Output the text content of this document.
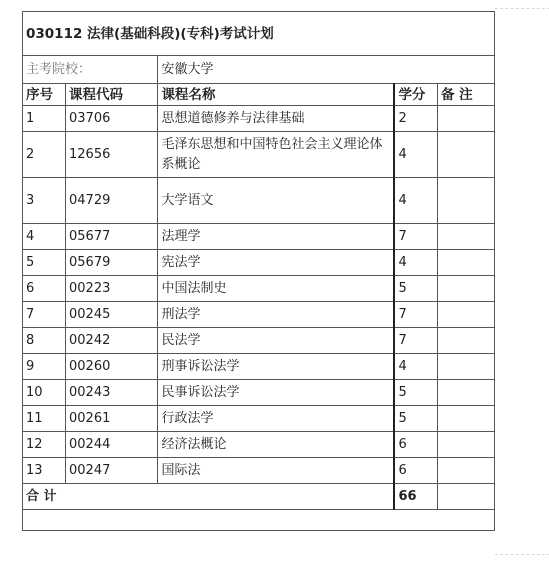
030112 法律(基础科段)(专科)考试计划				
主考院校：		安徽大学		
序号	课程代码	课程名称	学分	备 注
1	03706	思想道德修养与法律基础	2	
2	12656	毛泽东思想和中国特色社会主义理论体系概论	4	
3	04729	大学语文	4	
4	05677	法理学	7	
5	05679	宪法学	4	
6	00223	中国法制史	5	
7	00245	刑法学	7	
8	00242	民法学	7	
9	00260	刑事诉讼法学	4	
10	00243	民事诉讼法学	5	
11	00261	行政法学	5	
12	00244	经济法概论	6	
13	00247	国际法	6	
合 计			66	
